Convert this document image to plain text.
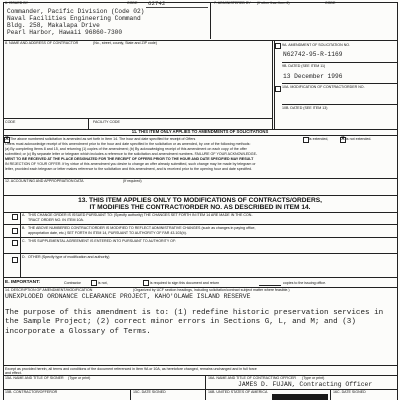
6. ISSUED BY	CODE 62742	7. ADMINISTERED BY (If other than Item 6)	CODE
Commander, Pacific Division (Code 02)
Naval Facilities Engineering Command
Bldg. 258, Makalapa Drive
Pearl Harbor, Hawaii 96860-7300
8. NAME AND ADDRESS OF CONTRACTOR	(No., street, county, State and ZIP code)	9A. AMENDMENT OF SOLICITATION NO.
N62742-95-R-1169
9B. DATED (SEE ITEM 11)
13 December 1996
10A. MODIFICATION OF CONTRACT/ORDER NO.
10B. DATED (SEE ITEM 13)
CODE	FACILITY CODE
11. THIS ITEM ONLY APPLIES TO AMENDMENTS OF SOLICITATIONS
X
The above numbered solicitation is amended as set forth in Item 14. The hour and date specified for receipt of Offers	is extended,
X	is not extended.
Offers must acknowledge receipt of this amendment prior to the hour and date specified in the solicitation or as amended, by one of the following methods:
(a) By completing Items 8 and 15, and returning (1) copies of the amendment; (b) By acknowledging receipt of this amendment on each copy of the offer
submitted; or (c) By separate letter or telegram which includes a reference to the solicitation and amendment numbers. FAILURE OF YOUR ACKNOWLEDGE-
MENT TO BE RECEIVED AT THE PLACE DESIGNATED FOR THE RECEIPT OF OFFERS PRIOR TO THE HOUR AND DATE SPECIFIED MAY RESULT
IN REJECTION OF YOUR OFFER. If by virtue of this amendment you desire to change an offer already submitted, such change may be made by telegram or
letter, provided each telegram or letter makes reference to the solicitation and this amendment, and is received prior to the opening hour and date specified.
12. ACCOUNTING AND APPROPRIATION DATA	(If required)
13. THIS ITEM APPLIES ONLY TO MODIFICATIONS OF CONTRACTS/ORDERS,
IT MODIFIES THE CONTRACT/ORDER NO. AS DESCRIBED IN ITEM 14.
A. THIS CHANGE ORDER IS ISSUED PURSUANT TO: (Specify authority) THE CHANGES SET FORTH IN ITEM 14 ARE MADE IN THE CON-
TRACT ORDER NO. IN ITEM 10A.
B. THE ABOVE NUMBERED CONTRACT/ORDER IS MODIFIED TO REFLECT ADMINISTRATIVE CHANGES (such as changes in paying office,
appropriation date, etc.) SET FORTH IN ITEM 14, PURSUANT TO AUTHORITY OF FAR 43.103(b).
C. THIS SUPPLEMENTAL AGREEMENT IS ENTERED INTO PURSUANT TO AUTHORITY OF:
D. OTHER (Specify type of modification and authority)
E. IMPORTANT:	Contractor	is not,	is required to sign this document and return	copies to the issuing office.
14. DESCRIPTION OF AMENDMENT/MODIFICATION	(Organized by UCF section headings, including solicitation/contract subject matter where feasible.)
UNEXPLODED ORDNANCE CLEARANCE PROJECT, KAHO'OLAWE ISLAND RESERVE
The purpose of this amendment is to: (1) redefine historic preservation services in the Sample Project; (2) correct minor errors in Sections G, L, and M; and (3) incorporate a Glossary of Terms.
Except as provided herein, all terms and conditions of the document referenced in Item 9A or 10A, as heretofore changed, remains unchanged and in full force
and effect.
15A. NAME AND TITLE OF SIGNER (Type or print)	16A. NAME AND TITLE OF CONTRACTING OFFICER (Type or print)
JAMES D. FUJAN, Contracting Officer
15B. CONTRACTOR/OFFEROR	15C. DATE SIGNED	16B. UNITED STATES OF AMERICA	16C. DATE SIGNED
